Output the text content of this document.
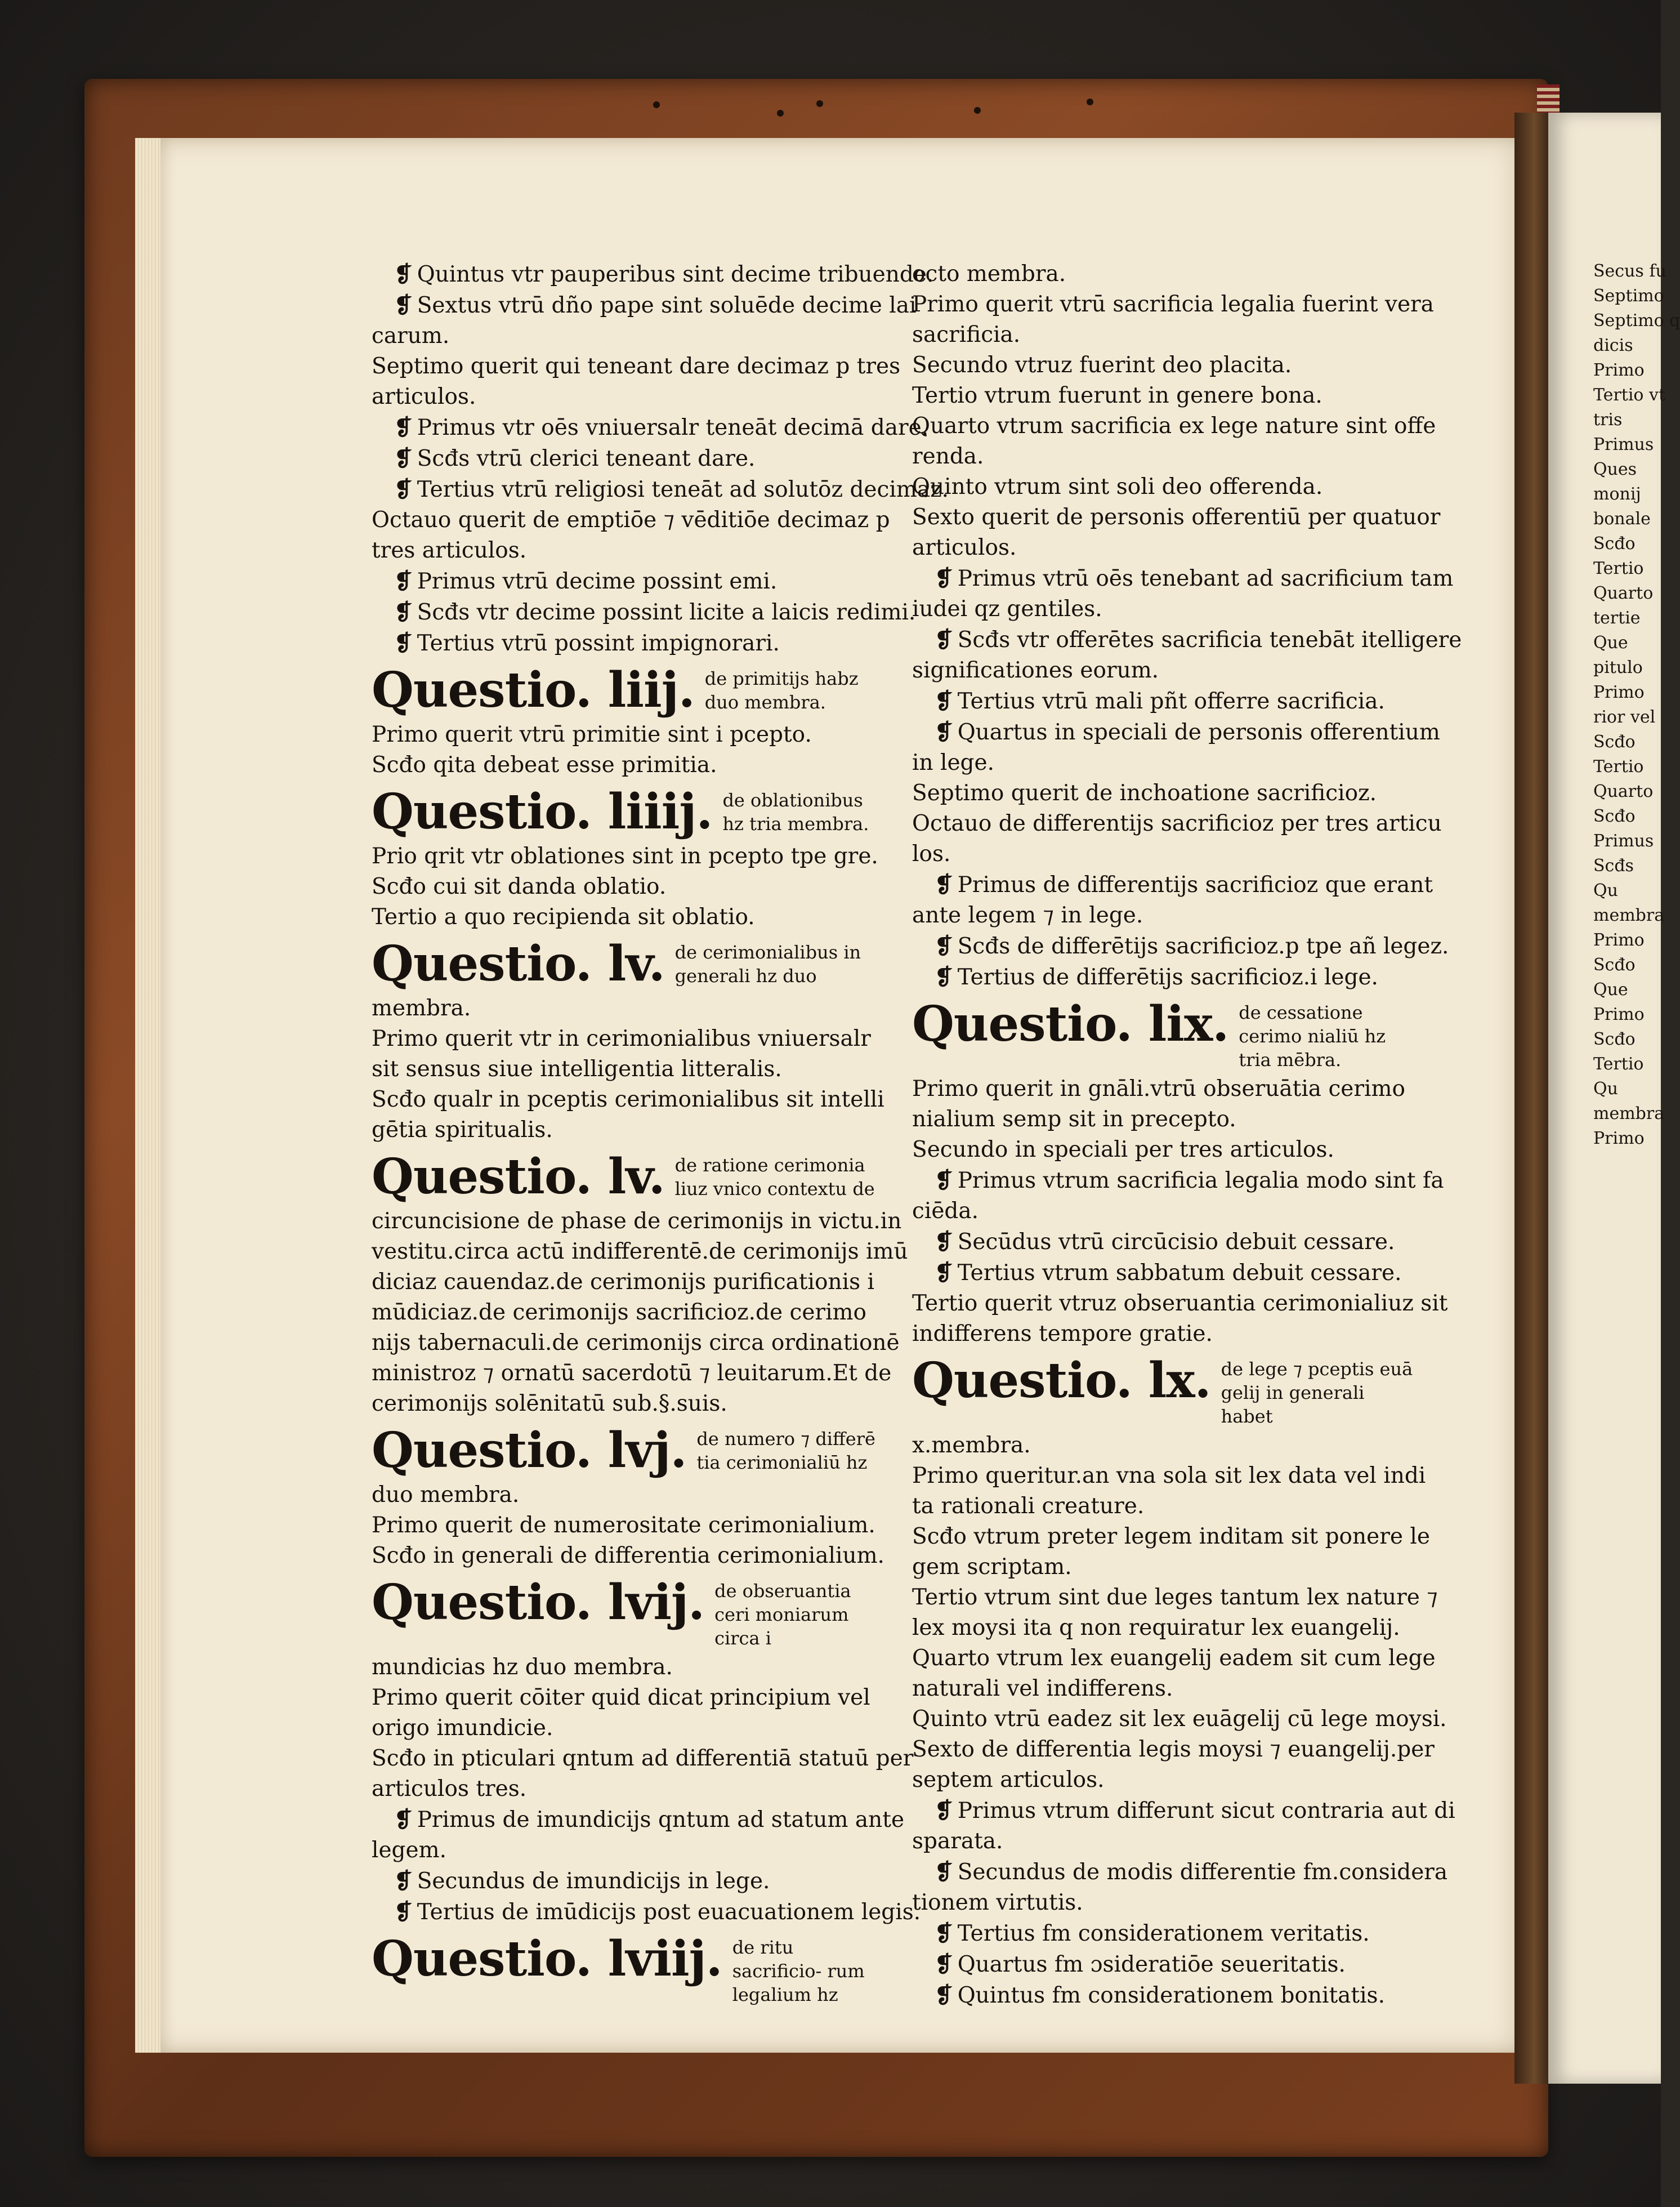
Secus fu
Septimo
Septimo q
dicis
Primo
Tertio vt
tris
Primus
Ques
monij
bonale
Scđo
Tertio
Quarto
tertie
Que
pitulo
Primo
rior vel
Scđo
Tertio
Quarto
Scđo
Primus
Scđs
Qu
membra
Primo
Scđo
Que
Primo
Scđo
Tertio
Qu
membra
Primo
❡ Quintus vtr pauperibus sint decime tribuende.
❡ Sextus vtrū dño pape sint soluēde decime lai
carum.
Septimo querit qui teneant dare decimaz p tres
articulos.
❡ Primus vtr oēs vniuersalr teneāt decimā dare.
❡ Scđs vtrū clerici teneant dare.
❡ Tertius vtrū religiosi teneāt ad solutōz decimaz.
Octauo querit de emptiōe ⁊ vēditiōe decimaz p
tres articulos.
❡ Primus vtrū decime possint emi.
❡ Scđs vtr decime possint licite a laicis redimi.
❡ Tertius vtrū possint impignorari.
Questio. liij. de primitijs habz duo membra.
Primo querit vtrū primitie sint i pcepto.
Scđo qita debeat esse primitia.
Questio. liiij. de oblationibus hz tria membra.
Prio qrit vtr oblationes sint in pcepto tpe gre.
Scđo cui sit danda oblatio.
Tertio a quo recipienda sit oblatio.
Questio. lv. de cerimonialibus in generali hz duo
membra.
Primo querit vtr in cerimonialibus vniuersalr
sit sensus siue intelligentia litteralis.
Scđo qualr in pceptis cerimonialibus sit intelli
gētia spiritualis.
Questio. lv. de ratione cerimonia liuz vnico contextu de
circuncisione de phase de cerimonijs in victu.in
vestitu.circa actū indifferentē.de cerimonijs imū
diciaz cauendaz.de cerimonijs purificationis i
mūdiciaz.de cerimonijs sacrificioz.de cerimo
nijs tabernaculi.de cerimonijs circa ordinationē
ministroz ⁊ ornatū sacerdotū ⁊ leuitarum.Et de
cerimonijs solēnitatū sub.§.suis.
Questio. lvj. de numero ⁊ differē tia cerimonialiū hz
duo membra.
Primo querit de numerositate cerimonialium.
Scđo in generali de differentia cerimonialium.
Questio. lvij. de obseruantia ceri moniarum circa i
mundicias hz duo membra.
Primo querit cōiter quid dicat principium vel
origo imundicie.
Scđo in pticulari qntum ad differentiā statuū per
articulos tres.
❡ Primus de imundicijs qntum ad statum ante
legem.
❡ Secundus de imundicijs in lege.
❡ Tertius de imūdicijs post euacuationem legis.
Questio. lviij. de ritu sacrificio- rum legalium hz
octo membra.
Primo querit vtrū sacrificia legalia fuerint vera
sacrificia.
Secundo vtruz fuerint deo placita.
Tertio vtrum fuerunt in genere bona.
Quarto vtrum sacrificia ex lege nature sint offe
renda.
Quinto vtrum sint soli deo offerenda.
Sexto querit de personis offerentiū per quatuor
articulos.
❡ Primus vtrū oēs tenebant ad sacrificium tam
iudei qz gentiles.
❡ Scđs vtr offerētes sacrificia tenebāt itelligere
significationes eorum.
❡ Tertius vtrū mali pñt offerre sacrificia.
❡ Quartus in speciali de personis offerentium
in lege.
Septimo querit de inchoatione sacrificioz.
Octauo de differentijs sacrificioz per tres articu
los.
❡ Primus de differentijs sacrificioz que erant
ante legem ⁊ in lege.
❡ Scđs de differētijs sacrificioz.p tpe añ legez.
❡ Tertius de differētijs sacrificioz.i lege.
Questio. lix. de cessatione cerimo nialiū hz tria mēbra.
Primo querit in gnāli.vtrū obseruātia cerimo
nialium semp sit in precepto.
Secundo in speciali per tres articulos.
❡ Primus vtrum sacrificia legalia modo sint fa
ciēda.
❡ Secūdus vtrū circūcisio debuit cessare.
❡ Tertius vtrum sabbatum debuit cessare.
Tertio querit vtruz obseruantia cerimonialiuz sit
indifferens tempore gratie.
Questio. lx. de lege ⁊ pceptis euā gelij in generali habet
x.membra.
Primo queritur.an vna sola sit lex data vel indi
ta rationali creature.
Scđo vtrum preter legem inditam sit ponere le
gem scriptam.
Tertio vtrum sint due leges tantum lex nature ⁊
lex moysi ita q non requiratur lex euangelij.
Quarto vtrum lex euangelij eadem sit cum lege
naturali vel indifferens.
Quinto vtrū eadez sit lex euāgelij cū lege moysi.
Sexto de differentia legis moysi ⁊ euangelij.per
septem articulos.
❡ Primus vtrum differunt sicut contraria aut di
sparata.
❡ Secundus de modis differentie fm.considera
tionem virtutis.
❡ Tertius fm considerationem veritatis.
❡ Quartus fm ɔsideratiōe seueritatis.
❡ Quintus fm considerationem bonitatis.
